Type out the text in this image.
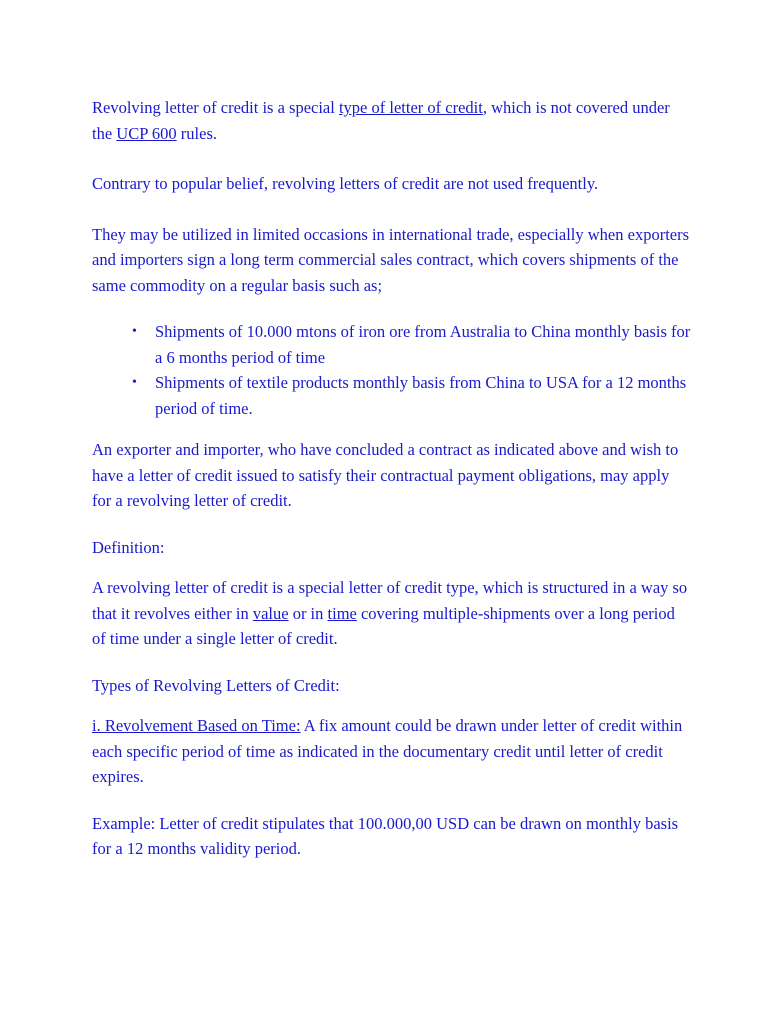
Revolving letter of credit is a special type of letter of credit, which is not covered under the UCP 600 rules.

Contrary to popular belief, revolving letters of credit are not used frequently.

They may be utilized in limited occasions in international trade, especially when exporters and importers sign a long term commercial sales contract, which covers shipments of the same commodity on a regular basis such as;

• Shipments of 10.000 mtons of iron ore from Australia to China monthly basis for a 6 months period of time
• Shipments of textile products monthly basis from China to USA for a 12 months period of time.

An exporter and importer, who have concluded a contract as indicated above and wish to have a letter of credit issued to satisfy their contractual payment obligations, may apply for a revolving letter of credit.

Definition:

A revolving letter of credit is a special letter of credit type, which is structured in a way so that it revolves either in value or in time covering multiple-shipments over a long period of time under a single letter of credit.

Types of Revolving Letters of Credit:

i. Revolvement Based on Time: A fix amount could be drawn under letter of credit within each specific period of time as indicated in the documentary credit until letter of credit expires.

Example: Letter of credit stipulates that 100.000,00 USD can be drawn on monthly basis for a 12 months validity period.
